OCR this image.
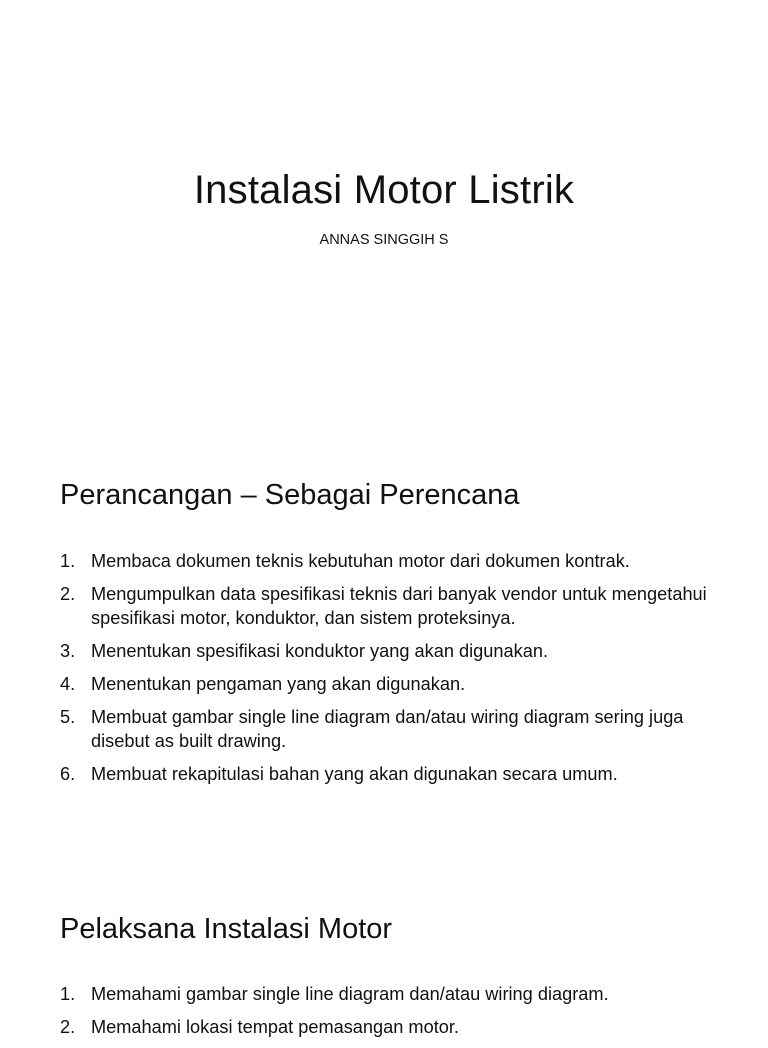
Instalasi Motor Listrik

ANNAS SINGGIH S

Perancangan – Sebagai Perencana
1. Membaca dokumen teknis kebutuhan motor dari dokumen kontrak.
2. Mengumpulkan data spesifikasi teknis dari banyak vendor untuk mengetahui spesifikasi motor, konduktor, dan sistem proteksinya.
3. Menentukan spesifikasi konduktor yang akan digunakan.
4. Menentukan pengaman yang akan digunakan.
5. Membuat gambar single line diagram dan/atau wiring diagram sering juga disebut as built drawing.
6. Membuat rekapitulasi bahan yang akan digunakan secara umum.
Pelaksana Instalasi Motor
1. Memahami gambar single line diagram dan/atau wiring diagram.
2. Memahami lokasi tempat pemasangan motor.
